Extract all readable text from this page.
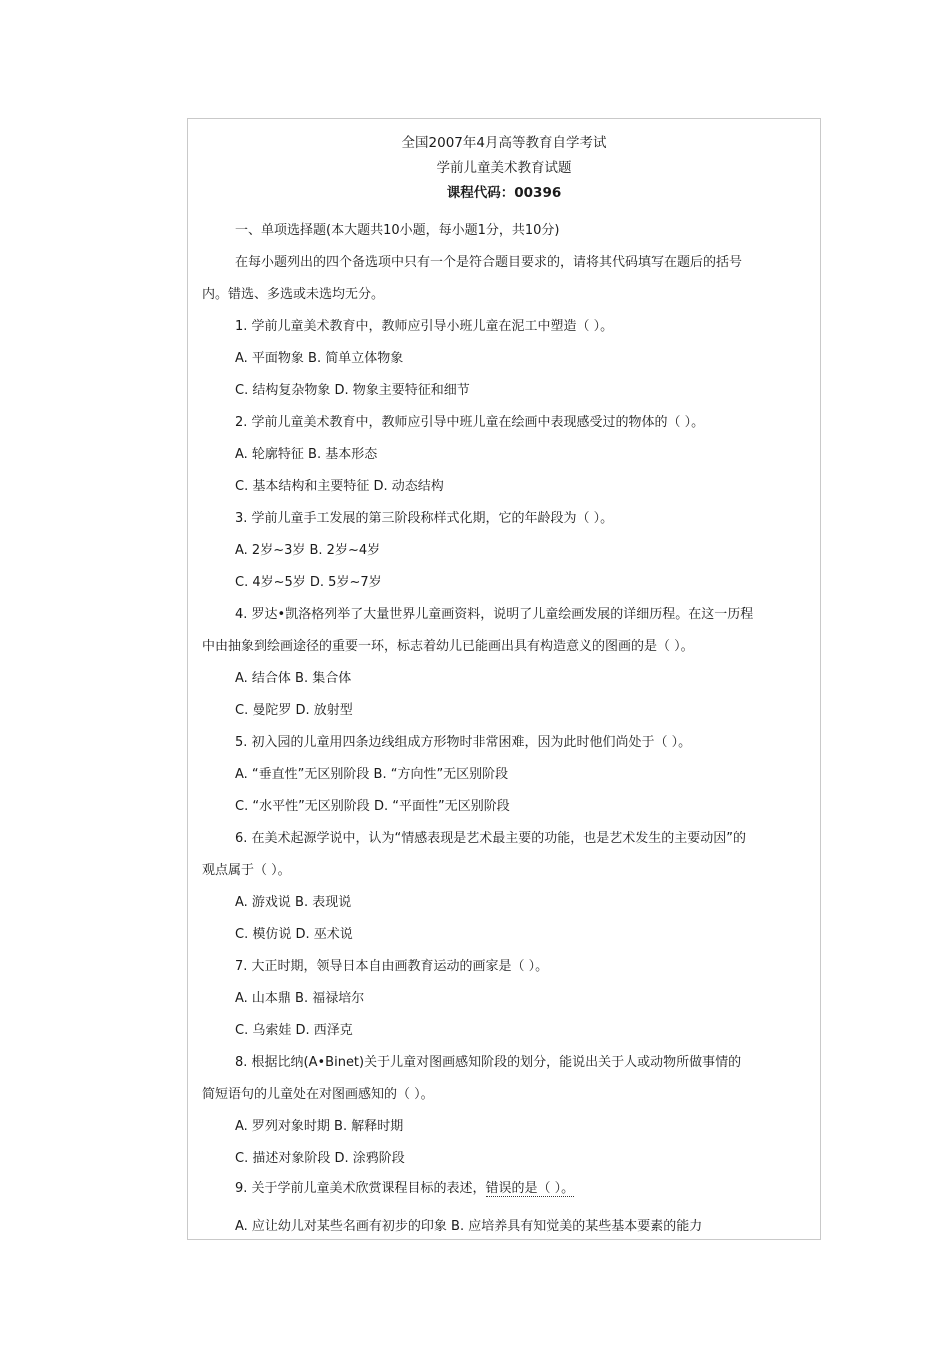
全国2007年4月高等教育自学考试
学前儿童美术教育试题
课程代码：00396
一、单项选择题(本大题共10小题，每小题1分，共10分)
在每小题列出的四个备选项中只有一个是符合题目要求的，请将其代码填写在题后的括号
内。错选、多选或未选均无分。
1. 学前儿童美术教育中，教师应引导小班儿童在泥工中塑造（ ）。
A. 平面物象 B. 简单立体物象
C. 结构复杂物象 D. 物象主要特征和细节
2. 学前儿童美术教育中，教师应引导中班儿童在绘画中表现感受过的物体的（ ）。
A. 轮廓特征 B. 基本形态
C. 基本结构和主要特征 D. 动态结构
3. 学前儿童手工发展的第三阶段称样式化期，它的年龄段为（ ）。
A. 2岁~3岁 B. 2岁~4岁
C. 4岁~5岁 D. 5岁~7岁
4. 罗达•凯洛格列举了大量世界儿童画资料，说明了儿童绘画发展的详细历程。在这一历程
中由抽象到绘画途径的重要一环，标志着幼儿已能画出具有构造意义的图画的是（ ）。
A. 结合体 B. 集合体
C. 曼陀罗 D. 放射型
5. 初入园的儿童用四条边线组成方形物时非常困难，因为此时他们尚处于（ ）。
A. “垂直性”无区别阶段 B. “方向性”无区别阶段
C. “水平性”无区别阶段 D. “平面性”无区别阶段
6. 在美术起源学说中，认为“情感表现是艺术最主要的功能，也是艺术发生的主要动因”的
观点属于（ ）。
A. 游戏说 B. 表现说
C. 模仿说 D. 巫术说
7. 大正时期，领导日本自由画教育运动的画家是（ ）。
A. 山本鼎 B. 福禄培尔
C. 乌索娃 D. 西泽克
8. 根据比纳(A•Binet)关于儿童对图画感知阶段的划分，能说出关于人或动物所做事情的
简短语句的儿童处在对图画感知的（ ）。
A. 罗列对象时期 B. 解释时期
C. 描述对象阶段 D. 涂鸦阶段
9. 关于学前儿童美术欣赏课程目标的表述，错误的是（ ）。
A. 应让幼儿对某些名画有初步的印象 B. 应培养具有知觉美的某些基本要素的能力
